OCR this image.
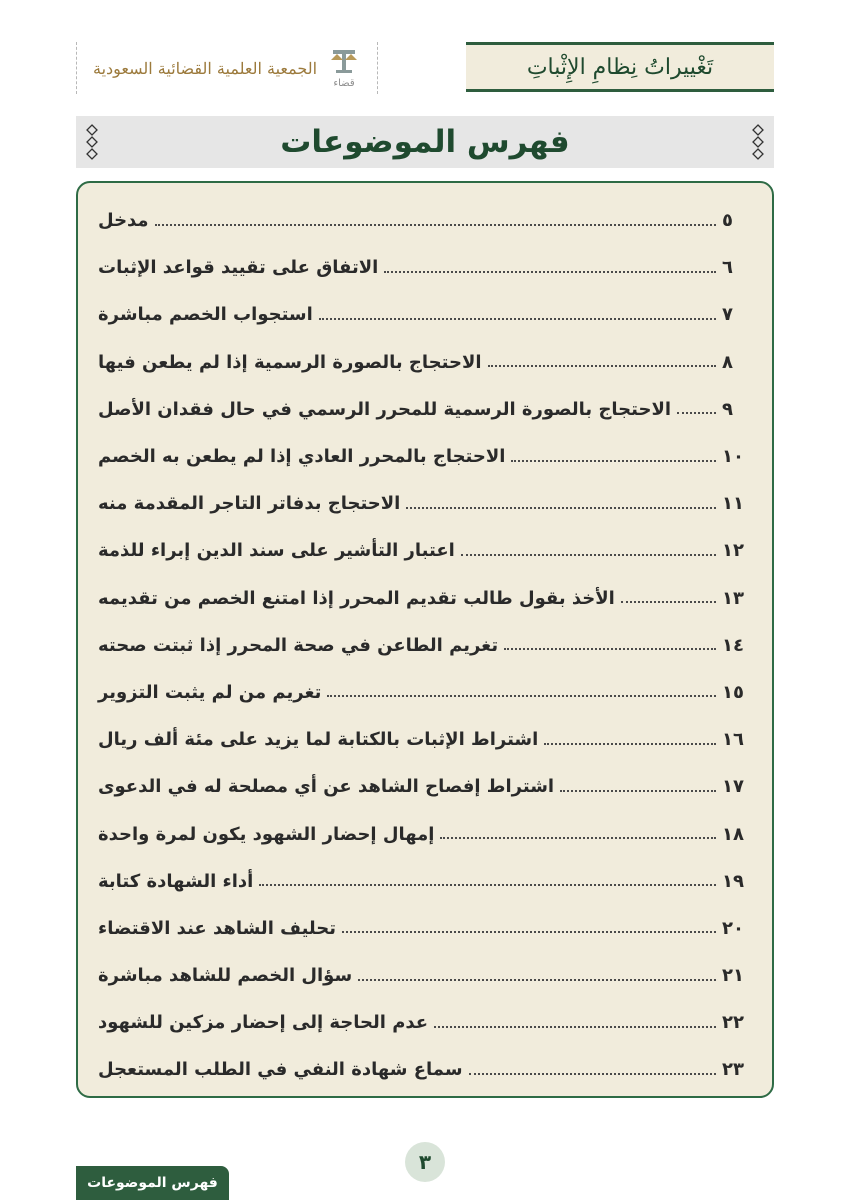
تَغْييراتُ نِظامِ الإِثْباتِ
الجمعية العلمية القضائية السعودية
قضاء
فهرس الموضوعات
مدخل	٥
الاتفاق على تقييد قواعد الإثبات	٦
استجواب الخصم مباشرة	٧
الاحتجاج بالصورة الرسمية إذا لم يطعن فيها	٨
الاحتجاج بالصورة الرسمية للمحرر الرسمي في حال فقدان الأصل	٩
الاحتجاج بالمحرر العادي إذا لم يطعن به الخصم	١٠
الاحتجاج بدفاتر التاجر المقدمة منه	١١
اعتبار التأشير على سند الدين إبراء للذمة	١٢
الأخذ بقول طالب تقديم المحرر إذا امتنع الخصم من تقديمه	١٣
تغريم الطاعن في صحة المحرر إذا ثبتت صحته	١٤
تغريم من لم يثبت التزوير	١٥
اشتراط الإثبات بالكتابة لما يزيد على مئة ألف ريال	١٦
اشتراط إفصاح الشاهد عن أي مصلحة له في الدعوى	١٧
إمهال إحضار الشهود يكون لمرة واحدة	١٨
أداء الشهادة كتابة	١٩
تحليف الشاهد عند الاقتضاء	٢٠
سؤال الخصم للشاهد مباشرة	٢١
عدم الحاجة إلى إحضار مزكين للشهود	٢٢
سماع شهادة النفي في الطلب المستعجل	٢٣
٣
فهرس الموضوعات
